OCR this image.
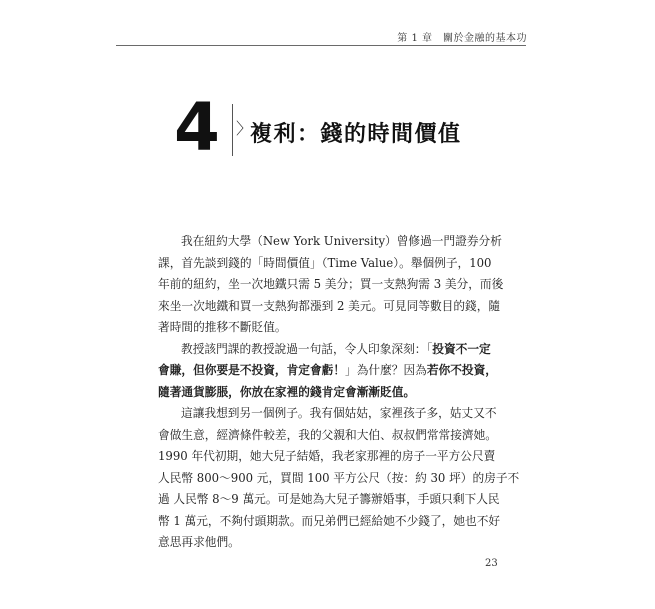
第 1 章　關於金融的基本功
4 〉
複利：錢的時間價值
我在紐約大學（New York University）曾修過一門證券分析
課，首先談到錢的「時間價值」（Time Value）。舉個例子，100
年前的紐約，坐一次地鐵只需 5 美分；買一支熱狗需 3 美分，而後
來坐一次地鐵和買一支熱狗都漲到 2 美元。可見同等數目的錢，隨
著時間的推移不斷貶值。
教授該門課的教授說過一句話，令人印象深刻：「投資不一定
會賺，但你要是不投資，肯定會虧！」為什麼？因為若你不投資，
隨著通貨膨脹，你放在家裡的錢肯定會漸漸貶值。
這讓我想到另一個例子。我有個姑姑，家裡孩子多，姑丈又不
會做生意，經濟條件較差，我的父親和大伯、叔叔們常常接濟她。
1990 年代初期，她大兒子結婚，我老家那裡的房子一平方公尺賣
人民幣 800～900 元，買間 100 平方公尺（按：約 30 坪）的房子不
過 人民幣 8～9 萬元。可是她為大兒子籌辦婚事，手頭只剩下人民
幣 1 萬元，不夠付頭期款。而兄弟們已經給她不少錢了，她也不好
意思再求他們。
23
